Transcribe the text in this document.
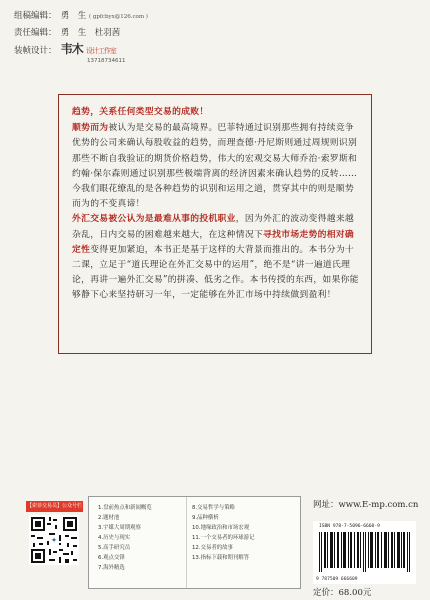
组稿编辑： 勇　生 ( gpfcbyx@126.com )
责任编辑： 勇　生　杜羽茜
装帧设计： 韦木 设计工作室
13718734611

趋势，关系任何类型交易的成败！

顺势而为被认为是交易的最高境界。巴菲特通过识别那些拥有持续竞争优势的公司来确认每股收益的趋势，而理查德·丹尼斯则通过周规则识别那些不断自我验证的期货价格趋势，伟大的宏观交易大师乔治·索罗斯和约翰·保尔森则通过识别那些极端背离的经济因素来确认趋势的反转……今我们眼花缭乱的是各种趋势的识别和运用之道，贯穿其中的则是顺势而为的不变真谛！

外汇交易被公认为是最难从事的投机职业，因为外汇的波动变得越来越杂乱，日内交易的困难越来越大，在这种情况下寻找市场走势的相对确定性变得更加紧迫，本书正是基于这样的大背景而推出的。本书分为十二课，立足于“道氏理论在外汇交易中的运用”，绝不是“讲一遍道氏理论，再讲一遍外汇交易”的拼凑、低劣之作。本书传授的东西，如果你能够静下心来坚持研习一年，一定能够在外汇市场中持续做到盈利！

【索菲交易员】公众号栏
✦
1.盘前热点和新闻概览
2.题材池
3.宇媒大周期观察
4.历史与现实
5.高手研究员
6.观点交锋
7.海外精选
8.交易哲学与策略
9.品种横析
10.地缘政治和市场宏观
11.一个交易者的环球游记
12.交易者的故事
13.指标下载和期刊解答
网址：www.E-mp.com.cn
ISBN 978-7-5096-6660-9
9 787509 666609
定价：68.00元
